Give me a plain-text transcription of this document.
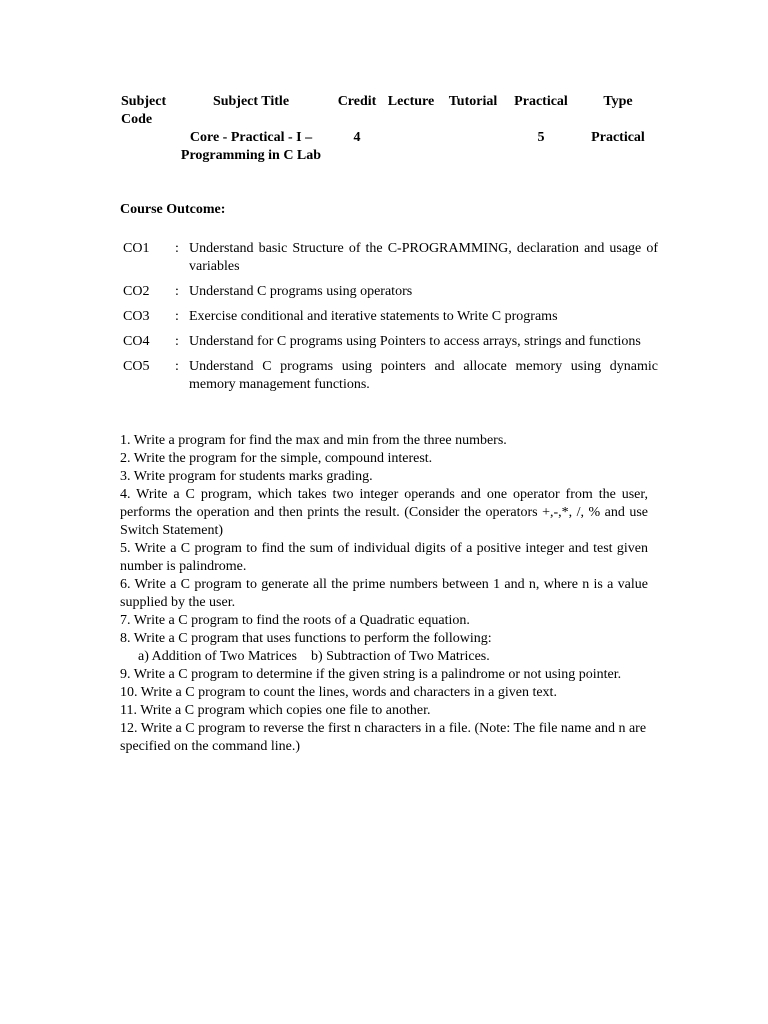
Subject Code	Subject Title	Credit	Lecture	Tutorial	Practical	Type
	Core - Practical - I – Programming in C Lab	4			5	Practical
Course Outcome:
CO1	: Understand basic Structure of the C-PROGRAMMING, declaration and usage of variables
CO2	: Understand C programs using operators
CO3	: Exercise conditional and iterative statements to Write C programs
CO4	: Understand for C programs using Pointers to access arrays, strings and functions
CO5	: Understand C programs using pointers and allocate memory using dynamic memory management functions.
1. Write a program for find the max and min from the three numbers.
2. Write the program for the simple, compound interest.
3. Write program for students marks grading.
4. Write a C program, which takes two integer operands and one operator from the user, performs the operation and then prints the result. (Consider the operators +,-,*, /, % and use Switch Statement)
5. Write a C program to find the sum of individual digits of a positive integer and test given number is palindrome.
6. Write a C program to generate all the prime numbers between 1 and n, where n is a value supplied by the user.
7. Write a C program to find the roots of a Quadratic equation.
8. Write a C program that uses functions to perform the following:
a) Addition of Two Matrices    b) Subtraction of Two Matrices.
9. Write a C program to determine if the given string is a palindrome or not using pointer.
10. Write a C program to count the lines, words and characters in a given text.
11. Write a C program which copies one file to another.
12. Write a C program to reverse the first n characters in a file. (Note: The file name and n are specified on the command line.)
